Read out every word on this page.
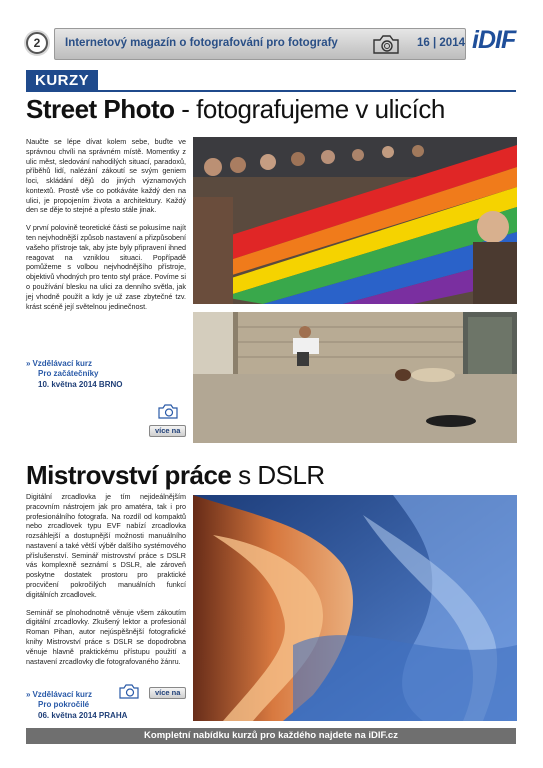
2	Internetový magazín o fotografování pro fotografy	16 | 2014 iDIF
KURZY
Street Photo - fotografujeme v ulicích

Naučte se lépe dívat kolem sebe, buďte ve správnou chvíli na správném místě. Momentky z ulic měst, sledování nahodilých situací, paradoxů, příběhů lidí, nalézání zákoutí se svým geniem loci, skládání dějů do jiných významových kontextů. Prostě vše co potkáváte každý den na ulici, je propojením života a architektury. Každý den se děje to stejné a přesto stále jinak.

V první polovině teoretické části se pokusíme najít ten nejvhodnější způsob nastavení a přizpůsobení vašeho přístroje tak, aby jste byly připravení ihned reagovat na vzniklou situaci. Popřípadě pomůžeme s volbou nejvhodnějšího přístroje, objektivů vhodných pro tento styl práce. Povíme si o používání blesku na ulici za denního světla, jak jej vhodně použít a kdy je už zase zbytečné tzv. krást scéně její světelnou jedinečnost.

» Vzdělávací kurz
Pro začátečníky
10. května 2014 BRNO
více na
Mistrovství práce s DSLR

Digitální zrcadlovka je tím nejideálnějším pracovním nástrojem jak pro amatéra, tak i pro profesionálního fotografa. Na rozdíl od kompaktů nebo zrcadlovek typu EVF nabízí zrcadlovka rozsáhlejší a dostupnější možnosti manuálního nastavení a také větší výběr dalšího systémového příslušenství. Seminář mistrovství práce s DSLR vás komplexně seznámí s DSLR, ale zároveň poskytne dostatek prostoru pro praktické procvičení pokročilých manuálních funkcí digitálních zrcadlovek.

Seminář se plnohodnotně věnuje všem zákoutím digitální zrcadlovky. Zkušený lektor a profesionál Roman Pihan, autor nejúspěšnější fotografické knihy Mistrovství práce s DSLR se dopodrobna věnuje hlavně praktickému přístupu použití a nastavení zrcadlovky dle fotografovaného žánru.

» Vzdělávací kurz
Pro pokročilé
06. května 2014 PRAHA
více na
Kompletní nabídku kurzů pro každého najdete na iDIF.cz
